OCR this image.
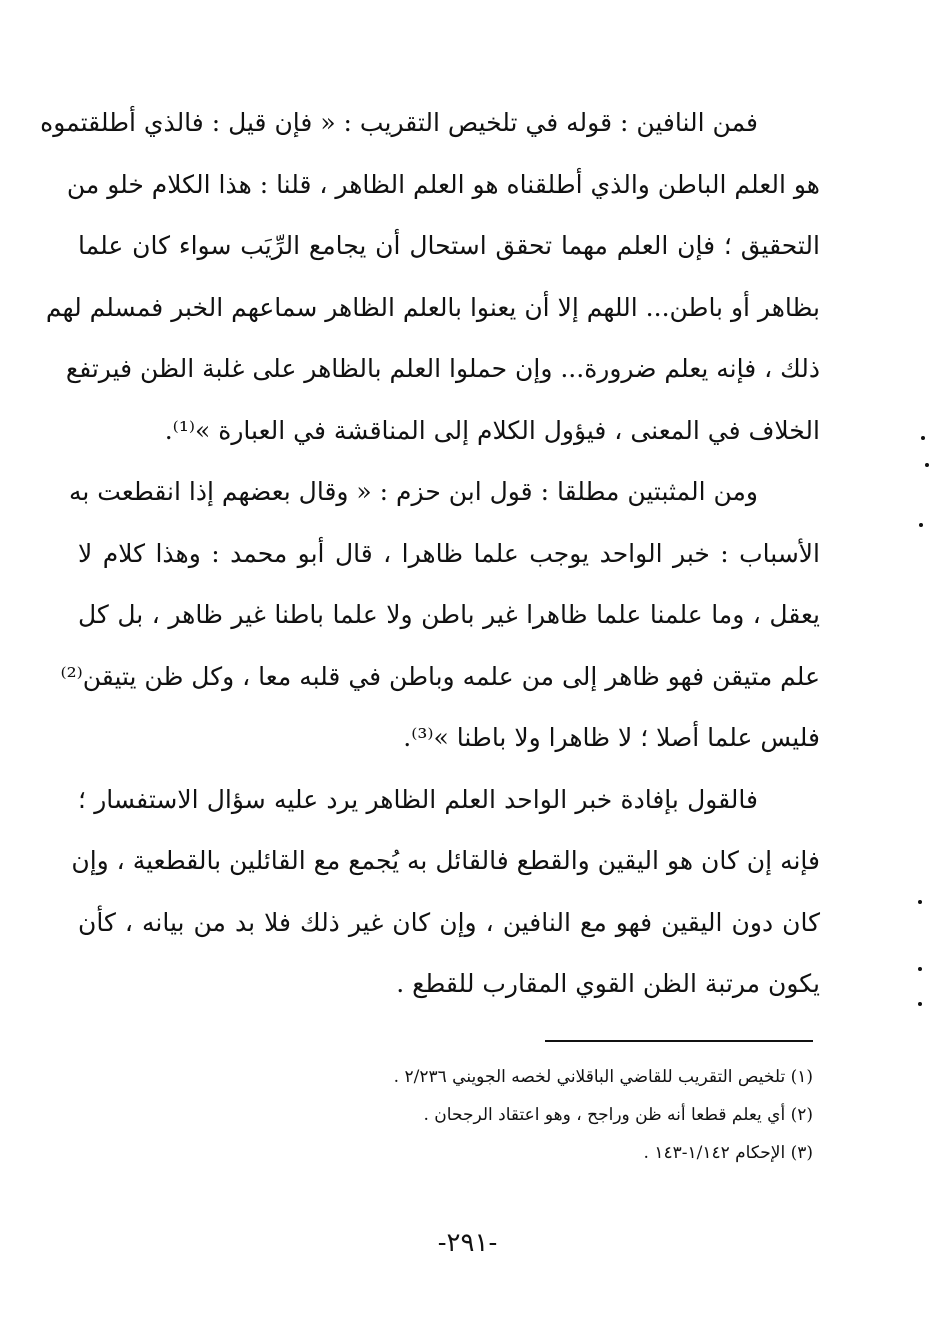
فمن النافين : قوله في تلخيص التقريب : « فإن قيل : فالذي أطلقتموه
هو العلم الباطن والذي أطلقناه هو العلم الظاهر ، قلنا : هذا الكلام خلو من
التحقيق ؛ فإن العلم مهما تحقق استحال أن يجامع الرِّيَب سواء كان علما
بظاهر أو باطن... اللهم إلا أن يعنوا بالعلم الظاهر سماعهم الخبر فمسلم لهم
ذلك ، فإنه يعلم ضرورة... وإن حملوا العلم بالظاهر على غلبة الظن فيرتفع
الخلاف في المعنى ، فيؤول الكلام إلى المناقشة في العبارة »⁽¹⁾.
ومن المثبتين مطلقا : قول ابن حزم : « وقال بعضهم إذا انقطعت به
الأسباب : خبر الواحد يوجب علما ظاهرا ، قال أبو محمد : وهذا كلام لا
يعقل ، وما علمنا علما ظاهرا غير باطن ولا علما باطنا غير ظاهر ، بل كل
علم متيقن فهو ظاهر إلى من علمه وباطن في قلبه معا ، وكل ظن يتيقن⁽²⁾
فليس علما أصلا ؛ لا ظاهرا ولا باطنا »⁽³⁾.
فالقول بإفادة خبر الواحد العلم الظاهر يرد عليه سؤال الاستفسار ؛
فإنه إن كان هو اليقين والقطع فالقائل به يُجمع مع القائلين بالقطعية ، وإن
كان دون اليقين فهو مع النافين ، وإن كان غير ذلك فلا بد من بيانه ، كأن
يكون مرتبة الظن القوي المقارب للقطع .
(١) تلخيص التقريب للقاضي الباقلاني لخصه الجويني ٢/٢٣٦ .
(٢) أي يعلم قطعا أنه ظن وراجح ، وهو اعتقاد الرجحان .
(٣) الإحكام ١/١٤٢-١٤٣ .
-٢٩١-
